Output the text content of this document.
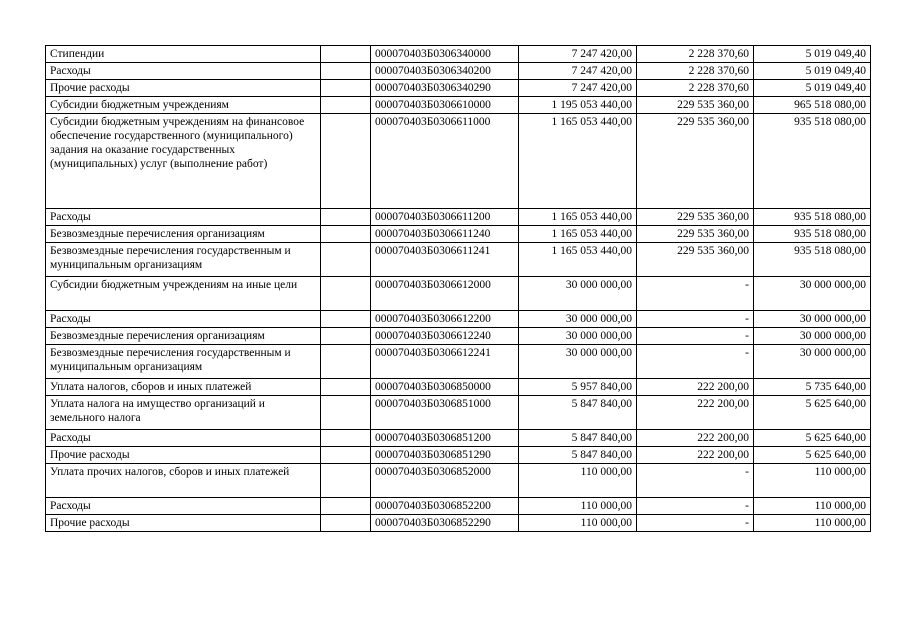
Стипендии		000070403Б0306340000	7 247 420,00	2 228 370,60	5 019 049,40
Расходы		000070403Б0306340200	7 247 420,00	2 228 370,60	5 019 049,40
Прочие расходы		000070403Б0306340290	7 247 420,00	2 228 370,60	5 019 049,40
Субсидии бюджетным учреждениям		000070403Б0306610000	1 195 053 440,00	229 535 360,00	965 518 080,00
Субсидии бюджетным учреждениям на финансовое обеспечение государственного (муниципального) задания на оказание государственных (муниципальных) услуг (выполнение работ)		000070403Б0306611000	1 165 053 440,00	229 535 360,00	935 518 080,00
Расходы		000070403Б0306611200	1 165 053 440,00	229 535 360,00	935 518 080,00
Безвозмездные перечисления организациям		000070403Б0306611240	1 165 053 440,00	229 535 360,00	935 518 080,00
Безвозмездные перечисления государственным и муниципальным организациям		000070403Б0306611241	1 165 053 440,00	229 535 360,00	935 518 080,00
Субсидии бюджетным учреждениям на иные цели		000070403Б0306612000	30 000 000,00	-	30 000 000,00
Расходы		000070403Б0306612200	30 000 000,00	-	30 000 000,00
Безвозмездные перечисления организациям		000070403Б0306612240	30 000 000,00	-	30 000 000,00
Безвозмездные перечисления государственным и муниципальным организациям		000070403Б0306612241	30 000 000,00	-	30 000 000,00
Уплата налогов, сборов и иных платежей		000070403Б0306850000	5 957 840,00	222 200,00	5 735 640,00
Уплата налога на имущество организаций и земельного налога		000070403Б0306851000	5 847 840,00	222 200,00	5 625 640,00
Расходы		000070403Б0306851200	5 847 840,00	222 200,00	5 625 640,00
Прочие расходы		000070403Б0306851290	5 847 840,00	222 200,00	5 625 640,00
Уплата прочих налогов, сборов и иных платежей		000070403Б0306852000	110 000,00	-	110 000,00
Расходы		000070403Б0306852200	110 000,00	-	110 000,00
Прочие расходы		000070403Б0306852290	110 000,00	-	110 000,00
